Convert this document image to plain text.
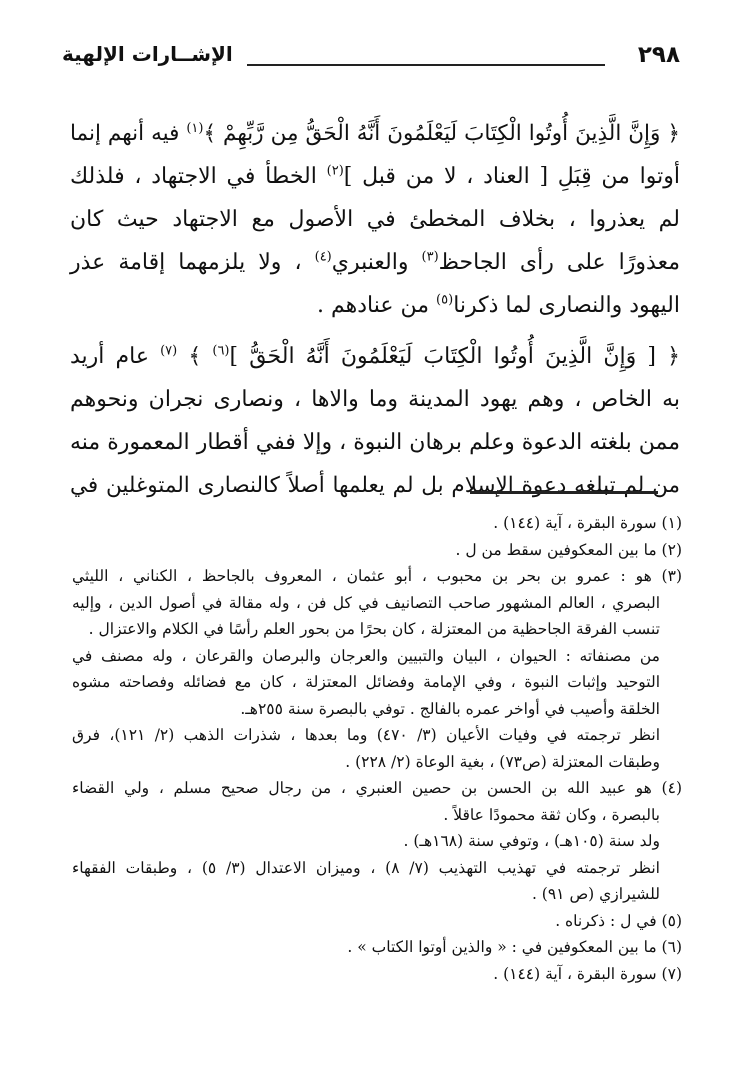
٢٩٨
الإشــارات الإلهية
﴿ وَإِنَّ الَّذِينَ أُوتُوا الْكِتَابَ لَيَعْلَمُونَ أَنَّهُ الْحَقُّ مِن رَّبِّهِمْ ﴾$^{(١)}$ فيه أنهم إنما
أوتوا من قِبَلِ [ العناد ، لا من قبل ]$^{(٢)}$ الخطأ في الاجتهاد ، فلذلك
لم يعذروا ، بخلاف المخطئ في الأصول مع الاجتهاد حيث كان
معذورًا على رأى الجاحظ$^{(٣)}$ والعنبري$^{(٤)}$ ، ولا يلزمهما إقامة عذر
اليهود والنصارى لما ذكرنا$^{(٥)}$ من عنادهم .
﴿ [ وَإِنَّ الَّذِينَ أُوتُوا الْكِتَابَ لَيَعْلَمُونَ أَنَّهُ الْحَقُّ ]$^{(٦)}$ ﴾ $^{(٧)}$ عام أريد
به الخاص ، وهم يهود المدينة وما والاها ، ونصارى نجران ونحوهم
ممن بلغته الدعوة وعلم برهان النبوة ، وإلا ففي أقطار المعمورة منه
من لم تبلغه دعوة الإسلام بل لم يعلمها أصلاً كالنصارى المتوغلين في
(١) سورة البقرة ، آية (١٤٤) .
(٢) ما بين المعكوفين سقط من ل .
(٣) هو : عمرو بن بحر بن محبوب ، أبو عثمان ، المعروف بالجاحظ ، الكناني ، الليثي
البصري ، العالم المشهور صاحب التصانيف في كل فن ، وله مقالة في أصول الدين ، وإليه
تنسب الفرقة الجاحظية من المعتزلة ، كان بحرًا من بحور العلم رأسًا في الكلام والاعتزال .
من مصنفاته : الحيوان ، البيان والتبيين والعرجان والبرصان والقرعان ، وله مصنف في
التوحيد وإثبات النبوة ، وفي الإمامة وفضائل المعتزلة ، كان مع فضائله وفصاحته مشوه
الخلقة وأصيب في أواخر عمره بالفالج . توفي بالبصرة سنة ٢٥٥هـ.
انظر ترجمته في وفيات الأعيان (٣/ ٤٧٠) وما بعدها ، شذرات الذهب (٢/ ١٢١)، فرق
وطبقات المعتزلة (ص٧٣) ، بغية الوعاة (٢/ ٢٢٨) .
(٤) هو عبيد الله بن الحسن بن حصين العنبري ، من رجال صحيح مسلم ، ولي القضاء
بالبصرة ، وكان ثقة محمودًا عاقلاً .
ولد سنة (١٠٥هـ) ، وتوفي سنة (١٦٨هـ) .
انظر ترجمته في تهذيب التهذيب (٧/ ٨) ، وميزان الاعتدال (٣/ ٥) ، وطبقات الفقهاء
للشيرازي (ص ٩١) .
(٥) في ل : ذكرناه .
(٦) ما بين المعكوفين في : « والذين أوتوا الكتاب » .
(٧) سورة البقرة ، آية (١٤٤) .
